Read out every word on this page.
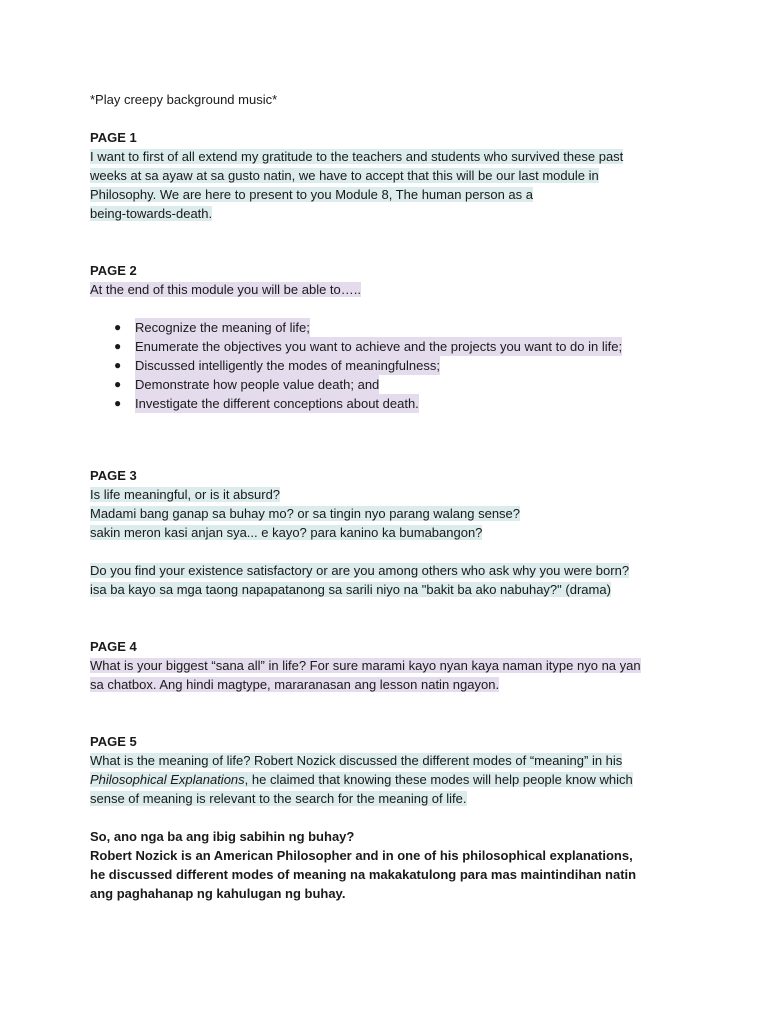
*Play creepy background music*
PAGE 1
I want to first of all extend my gratitude to the teachers and students who survived these past
weeks at sa ayaw at sa gusto natin, we have to accept that this will be our last module in
Philosophy. We are here to present to you Module 8, The human person as a
being-towards-death.
PAGE 2
At the end of this module you will be able to…..
●	Recognize the meaning of life;
●	Enumerate the objectives you want to achieve and the projects you want to do in life;
●	Discussed intelligently the modes of meaningfulness;
●	Demonstrate how people value death; and
●	Investigate the different conceptions about death.
PAGE 3
Is life meaningful, or is it absurd?
Madami bang ganap sa buhay mo? or sa tingin nyo parang walang sense?
sakin meron kasi anjan sya... e kayo? para kanino ka bumabangon?
Do you find your existence satisfactory or are you among others who ask why you were born?
isa ba kayo sa mga taong napapatanong sa sarili niyo na "bakit ba ako nabuhay?" (drama)
PAGE 4
What is your biggest “sana all” in life? For sure marami kayo nyan kaya naman itype nyo na yan
sa chatbox. Ang hindi magtype, mararanasan ang lesson natin ngayon.
PAGE 5
What is the meaning of life? Robert Nozick discussed the different modes of “meaning” in his
Philosophical Explanations, he claimed that knowing these modes will help people know which
sense of meaning is relevant to the search for the meaning of life.
So, ano nga ba ang ibig sabihin ng buhay?
Robert Nozick is an American Philosopher and in one of his philosophical explanations,
he discussed different modes of meaning na makakatulong para mas maintindihan natin
ang paghahanap ng kahulugan ng buhay.
